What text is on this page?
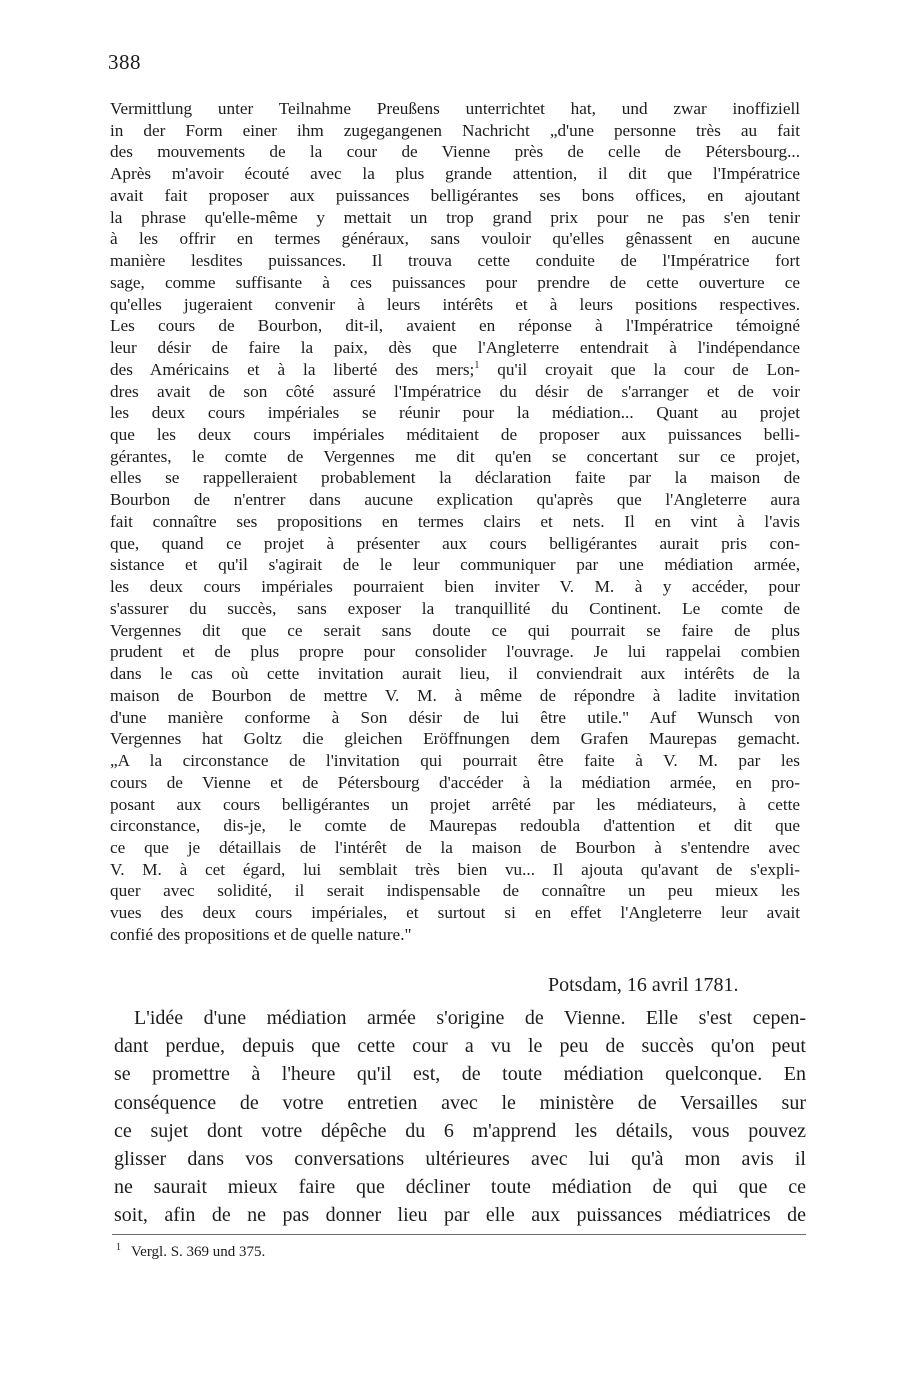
388
Vermittlung unter Teilnahme Preußens unterrichtet hat, und zwar inoffiziell
in der Form einer ihm zugegangenen Nachricht „d'une personne très au fait
des mouvements de la cour de Vienne près de celle de Pétersbourg...
Après m'avoir écouté avec la plus grande attention, il dit que l'Impératrice
avait fait proposer aux puissances belligérantes ses bons offices, en ajoutant
la phrase qu'elle-même y mettait un trop grand prix pour ne pas s'en tenir
à les offrir en termes généraux, sans vouloir qu'elles gênassent en aucune
manière lesdites puissances. Il trouva cette conduite de l'Impératrice fort
sage, comme suffisante à ces puissances pour prendre de cette ouverture ce
qu'elles jugeraient convenir à leurs intérêts et à leurs positions respectives.
Les cours de Bourbon, dit-il, avaient en réponse à l'Impératrice témoigné
leur désir de faire la paix, dès que l'Angleterre entendrait à l'indépendance
des Américains et à la liberté des mers;$^1$ qu'il croyait que la cour de Lon-
dres avait de son côté assuré l'Impératrice du désir de s'arranger et de voir
les deux cours impériales se réunir pour la médiation... Quant au projet
que les deux cours impériales méditaient de proposer aux puissances belli-
gérantes, le comte de Vergennes me dit qu'en se concertant sur ce projet,
elles se rappelleraient probablement la déclaration faite par la maison de
Bourbon de n'entrer dans aucune explication qu'après que l'Angleterre aura
fait connaître ses propositions en termes clairs et nets. Il en vint à l'avis
que, quand ce projet à présenter aux cours belligérantes aurait pris con-
sistance et qu'il s'agirait de le leur communiquer par une médiation armée,
les deux cours impériales pourraient bien inviter V. M. à y accéder, pour
s'assurer du succès, sans exposer la tranquillité du Continent. Le comte de
Vergennes dit que ce serait sans doute ce qui pourrait se faire de plus
prudent et de plus propre pour consolider l'ouvrage. Je lui rappelai combien
dans le cas où cette invitation aurait lieu, il conviendrait aux intérêts de la
maison de Bourbon de mettre V. M. à même de répondre à ladite invitation
d'une manière conforme à Son désir de lui être utile." Auf Wunsch von
Vergennes hat Goltz die gleichen Eröffnungen dem Grafen Maurepas gemacht.
„A la circonstance de l'invitation qui pourrait être faite à V. M. par les
cours de Vienne et de Pétersbourg d'accéder à la médiation armée, en pro-
posant aux cours belligérantes un projet arrêté par les médiateurs, à cette
circonstance, dis-je, le comte de Maurepas redoubla d'attention et dit que
ce que je détaillais de l'intérêt de la maison de Bourbon à s'entendre avec
V. M. à cet égard, lui semblait très bien vu... Il ajouta qu'avant de s'expli-
quer avec solidité, il serait indispensable de connaître un peu mieux les
vues des deux cours impériales, et surtout si en effet l'Angleterre leur avait
confié des propositions et de quelle nature."
Potsdam, 16 avril 1781.
L'idée d'une médiation armée s'origine de Vienne. Elle s'est cepen-
dant perdue, depuis que cette cour a vu le peu de succès qu'on peut
se promettre à l'heure qu'il est, de toute médiation quelconque. En
conséquence de votre entretien avec le ministère de Versailles sur
ce sujet dont votre dépêche du 6 m'apprend les détails, vous pouvez
glisser dans vos conversations ultérieures avec lui qu'à mon avis il
ne saurait mieux faire que décliner toute médiation de qui que ce
soit, afin de ne pas donner lieu par elle aux puissances médiatrices de
$^1$ Vergl. S. 369 und 375.
